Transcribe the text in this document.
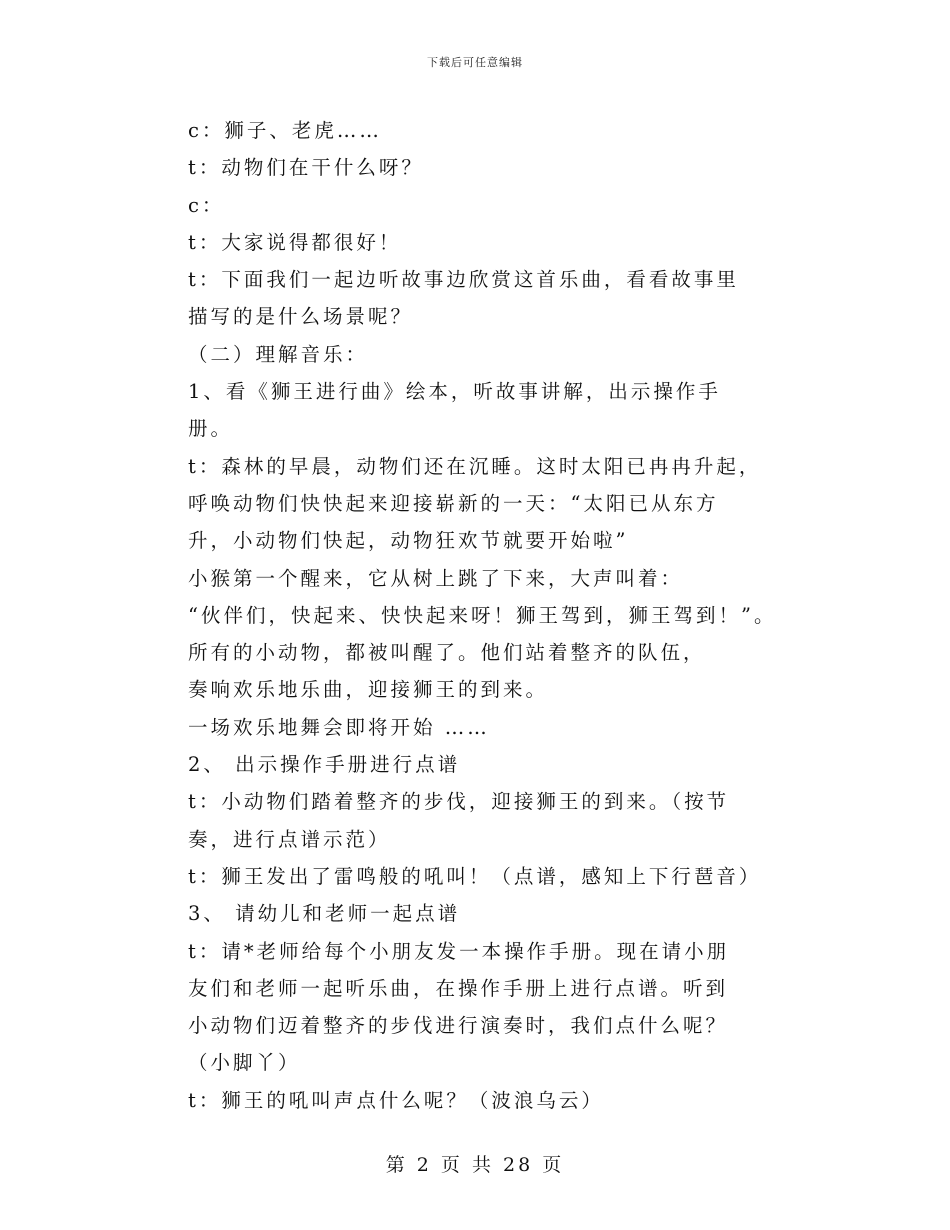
下载后可任意编辑
c：狮子、老虎……
t：动物们在干什么呀？
c：
t：大家说得都很好！
t：下面我们一起边听故事边欣赏这首乐曲，看看故事里
描写的是什么场景呢？
（二）理解音乐：
1、看《狮王进行曲》绘本，听故事讲解，出示操作手
册。
t：森林的早晨，动物们还在沉睡。这时太阳已冉冉升起，
呼唤动物们快快起来迎接崭新的一天：“太阳已从东方
升，小动物们快起，动物狂欢节就要开始啦”
小猴第一个醒来，它从树上跳了下来，大声叫着：
“伙伴们，快起来、快快起来呀！狮王驾到，狮王驾到！”。
所有的小动物，都被叫醒了。他们站着整齐的队伍，
奏响欢乐地乐曲，迎接狮王的到来。
一场欢乐地舞会即将开始 ……
2、 出示操作手册进行点谱
t：小动物们踏着整齐的步伐，迎接狮王的到来。（按节
奏，进行点谱示范）
t：狮王发出了雷鸣般的吼叫！（点谱，感知上下行琶音）
3、 请幼儿和老师一起点谱
t：请*老师给每个小朋友发一本操作手册。现在请小朋
友们和老师一起听乐曲，在操作手册上进行点谱。听到
小动物们迈着整齐的步伐进行演奏时，我们点什么呢？
（小脚丫）
t：狮王的吼叫声点什么呢？（波浪乌云）
第 2 页 共 28 页
